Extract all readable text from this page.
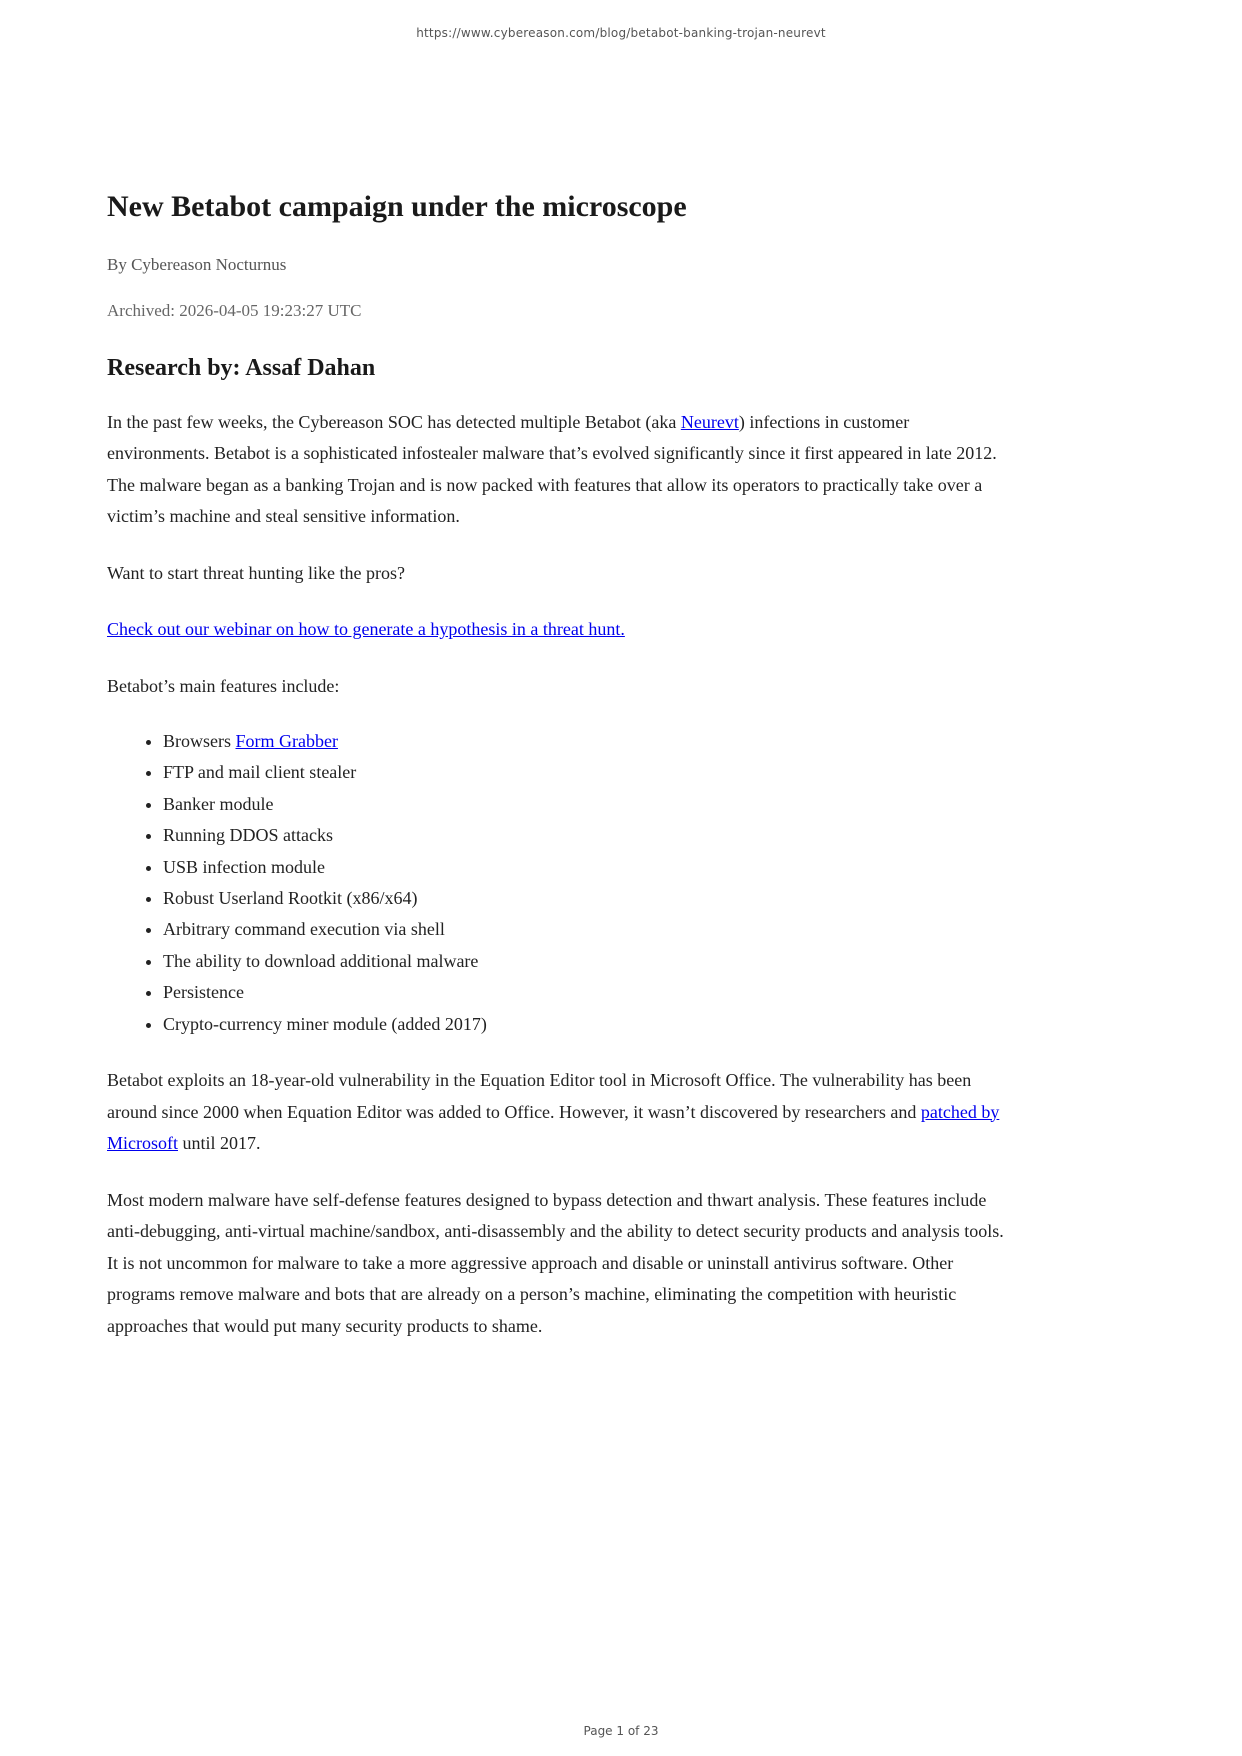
https://www.cybereason.com/blog/betabot-banking-trojan-neurevt
New Betabot campaign under the microscope

By Cybereason Nocturnus

Archived: 2026-04-05 19:23:27 UTC

Research by: Assaf Dahan

In the past few weeks, the Cybereason SOC has detected multiple Betabot (aka Neurevt) infections in customer environments. Betabot is a sophisticated infostealer malware that’s evolved significantly since it first appeared in late 2012. The malware began as a banking Trojan and is now packed with features that allow its operators to practically take over a victim’s machine and steal sensitive information.

Want to start threat hunting like the pros?

Check out our webinar on how to generate a hypothesis in a threat hunt.

Betabot’s main features include:

• Browsers Form Grabber
• FTP and mail client stealer
• Banker module
• Running DDOS attacks
• USB infection module
• Robust Userland Rootkit (x86/x64)
• Arbitrary command execution via shell
• The ability to download additional malware
• Persistence
• Crypto-currency miner module (added 2017)

Betabot exploits an 18-year-old vulnerability in the Equation Editor tool in Microsoft Office. The vulnerability has been around since 2000 when Equation Editor was added to Office. However, it wasn’t discovered by researchers and patched by Microsoft until 2017.

Most modern malware have self-defense features designed to bypass detection and thwart analysis. These features include anti-debugging, anti-virtual machine/sandbox, anti-disassembly and the ability to detect security products and analysis tools. It is not uncommon for malware to take a more aggressive approach and disable or uninstall antivirus software. Other programs remove malware and bots that are already on a person’s machine, eliminating the competition with heuristic approaches that would put many security products to shame.

Page 1 of 23
